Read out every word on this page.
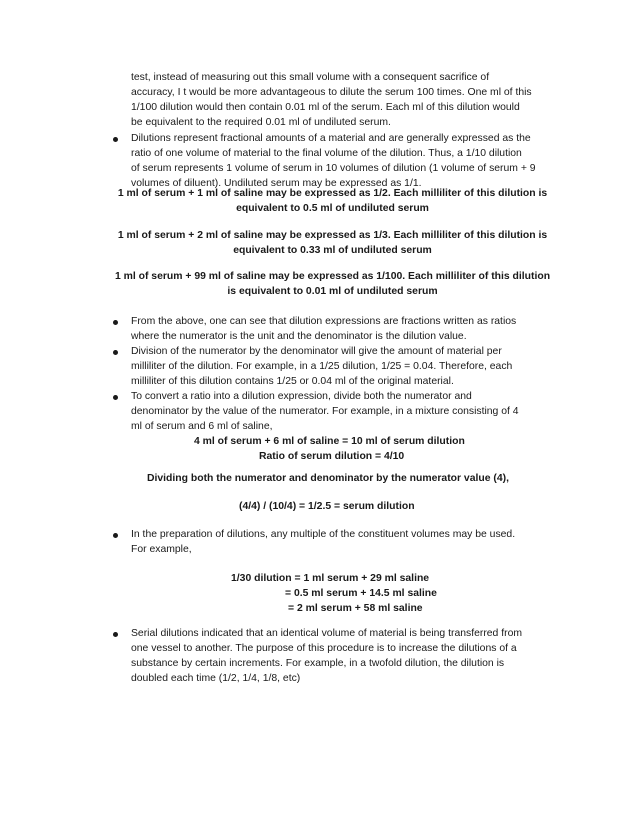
test, instead of measuring out this small volume with a consequent sacrifice of
accuracy, I t would be more advantageous to dilute the serum 100 times. One ml of this
1/100 dilution would then contain 0.01 ml of the serum. Each ml of this dilution would
be equivalent to the required 0.01 ml of undiluted serum.
Dilutions represent fractional amounts of a material and are generally expressed as the
ratio of one volume of material to the final volume of the dilution. Thus, a 1/10 dilution
of serum represents 1 volume of serum in 10 volumes of dilution (1 volume of serum + 9
volumes of diluent). Undiluted serum may be expressed as 1/1.
1 ml of serum + 1 ml of saline may be expressed as 1/2. Each milliliter of this dilution is
equivalent to 0.5 ml of undiluted serum
1 ml of serum + 2 ml of saline may be expressed as 1/3. Each milliliter of this dilution is
equivalent to 0.33 ml of undiluted serum
1 ml of serum + 99 ml of saline may be expressed as 1/100. Each milliliter of this dilution
is equivalent to 0.01 ml of undiluted serum
From the above, one can see that dilution expressions are fractions written as ratios
where the numerator is the unit and the denominator is the dilution value.
Division of the numerator by the denominator will give the amount of material per
milliliter of the dilution. For example, in a 1/25 dilution, 1/25 = 0.04. Therefore, each
milliliter of this dilution contains 1/25 or 0.04 ml of the original material.
To convert a ratio into a dilution expression, divide both the numerator and
denominator by the value of the numerator. For example, in a mixture consisting of 4
ml of serum and 6 ml of saline,
4 ml of serum + 6 ml of saline = 10 ml of serum dilution
Ratio of serum dilution = 4/10
Dividing both the numerator and denominator by the numerator value (4),
(4/4) / (10/4) = 1/2.5 = serum dilution
In the preparation of dilutions, any multiple of the constituent volumes may be used.
For example,
1/30 dilution = 1 ml serum + 29 ml saline
= 0.5 ml serum + 14.5 ml saline
= 2 ml serum + 58 ml saline
Serial dilutions indicated that an identical volume of material is being transferred from
one vessel to another. The purpose of this procedure is to increase the dilutions of a
substance by certain increments. For example, in a twofold dilution, the dilution is
doubled each time (1/2, 1/4, 1/8, etc)
